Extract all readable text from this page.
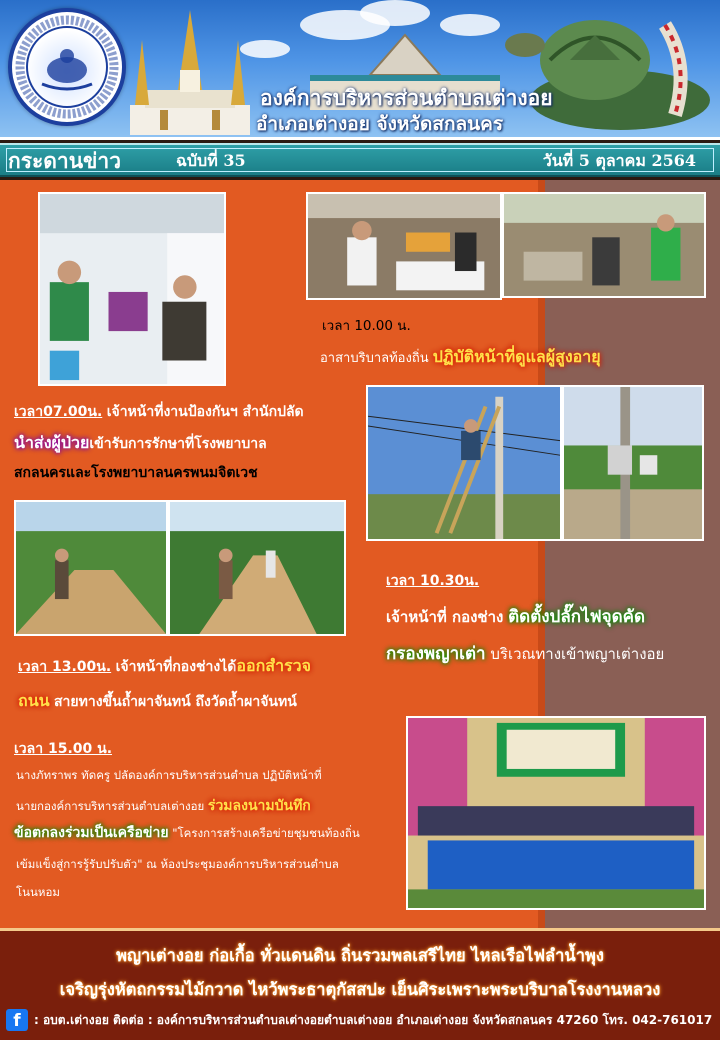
องค์การบริหารส่วนตำบลเต่างอย
อำเภอเต่างอย จังหวัดสกลนคร
กระดานข่าว	ฉบับที่ 35	วันที่ 5 ตุลาคม 2564
เวลา 10.00 น.
อาสาบริบาลท้องถิ่น ปฏิบัติหน้าที่ดูแลผู้สูงอายุ
เวลา07.00น. เจ้าหน้าที่งานป้องกันฯ สำนักปลัด
นำส่งผู้ป่วยเข้ารับการรักษาที่โรงพยาบาล
สกลนครและโรงพยาบาลนครพนมจิตเวช
เวลา 10.30น.
เจ้าหน้าที่ กองช่าง ติดตั้งปลั๊กไฟจุดคัด
กรองพญาเต่า บริเวณทางเข้าพญาเต่างอย
เวลา 13.00น. เจ้าหน้าที่กองช่างได้ออกสำรวจ
ถนน สายทางขึ้นถ้ำผาจันทน์ ถึงวัดถ้ำผาจันทน์
เวลา 15.00 น.
นางภัทราพร ทัดครู ปลัดองค์การบริหารส่วนตำบล ปฏิบัติหน้าที่
นายกองค์การบริหารส่วนตำบลเต่างอย ร่วมลงนามบันทึก
ข้อตกลงร่วมเป็นเครือข่าย "โครงการสร้างเครือข่ายชุมชนท้องถิ่น
เข้มแข็งสู่การรู้รับปรับตัว" ณ ห้องประชุมองค์การบริหารส่วนตำบล
โนนหอม
พญาเต่างอย ก่อเกื้อ ทั่วแดนดิน ถิ่นรวมพลเสรีไทย ไหลเรือไฟลำน้ำพุง
เจริญรุ่งหัตถกรรมไม้กวาด ไหว้พระธาตุกัสสปะ เย็นศิระเพราะพระบริบาลโรงงานหลวง
f	: อบต.เต่างอย ติดต่อ : องค์การบริหารส่วนตำบลเต่างอยตำบลเต่างอย อำเภอเต่างอย จังหวัดสกลนคร 47260 โทร. 042-761017
